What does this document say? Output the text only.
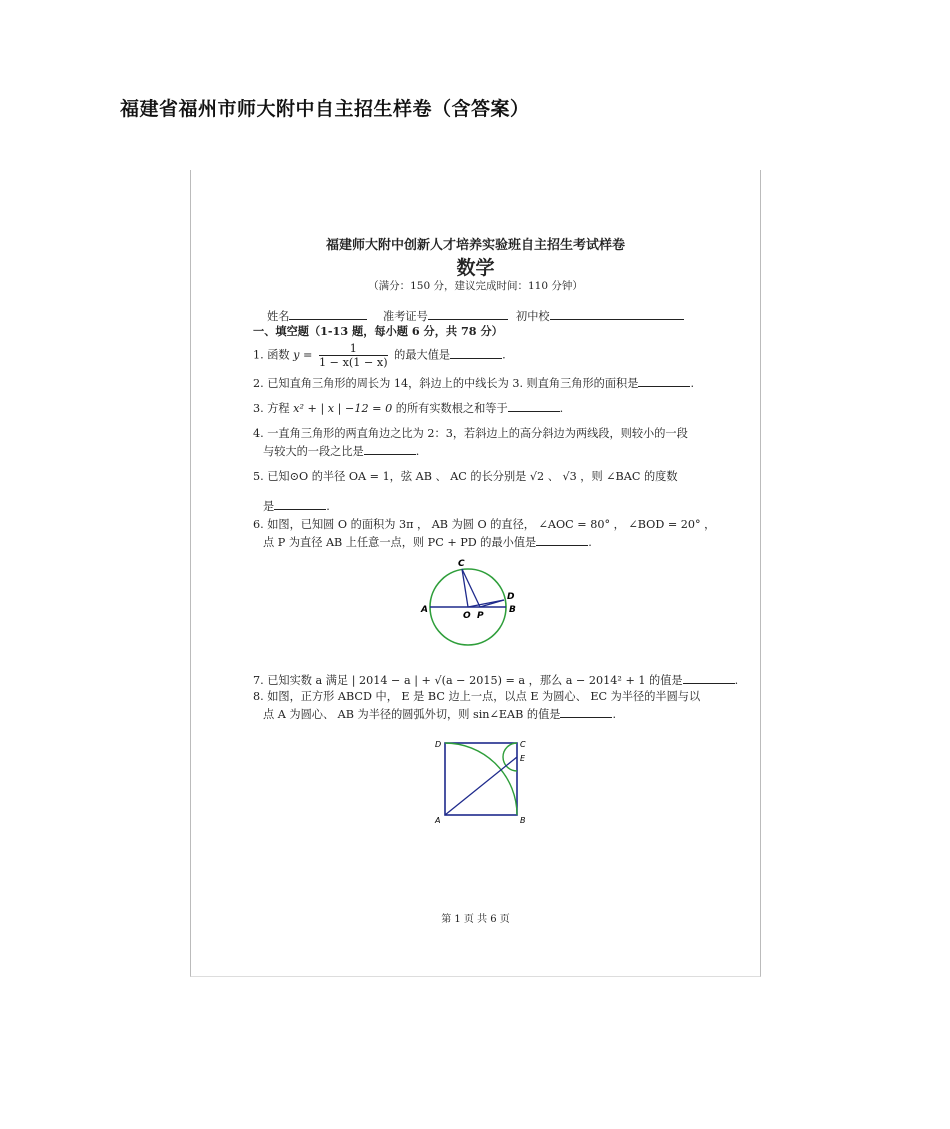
福建省福州市师大附中自主招生样卷（含答案）
福建师大附中创新人才培养实验班自主招生考试样卷
数学
（满分：150 分，建议完成时间：110 分钟）
姓名	准考证号	初中校
一、填空题（1-13 题，每小题 6 分，共 78 分）
1. 函数 $y = \frac{1}{1 - x(1 - x)}$ 的最大值是	.
2. 已知直角三角形的周长为 14，斜边上的中线长为 3. 则直角三角形的面积是	.
3. 方程 x² + | x | −12 = 0 的所有实数根之和等于	.
4. 一直角三角形的两直角边之比为 2：3，若斜边上的高分斜边为两线段，则较小的一段
与较大的一段之比是	.
5. 已知⊙O 的半径 OA = 1，弦 AB 、 AC 的长分别是 √2 、 √3 ，则 ∠BAC 的度数
是	.
6. 如图，已知圆 O 的面积为 3π ， AB 为圆 O 的直径， ∠AOC = 80° ， ∠BOD = 20° ，
点 P 为直径 AB 上任意一点，则 PC + PD 的最小值是	.
C
D
A
O P
B
7. 已知实数 a 满足 | 2014 − a | + √(a − 2015) = a ，那么 a − 2014² + 1 的值是	.
8. 如图，正方形 ABCD 中， E 是 BC 边上一点，以点 E 为圆心、 EC 为半径的半圆与以
点 A 为圆心、 AB 为半径的圆弧外切，则 sin∠EAB 的值是	.
D	C
E
A	B
第 1 页 共 6 页
